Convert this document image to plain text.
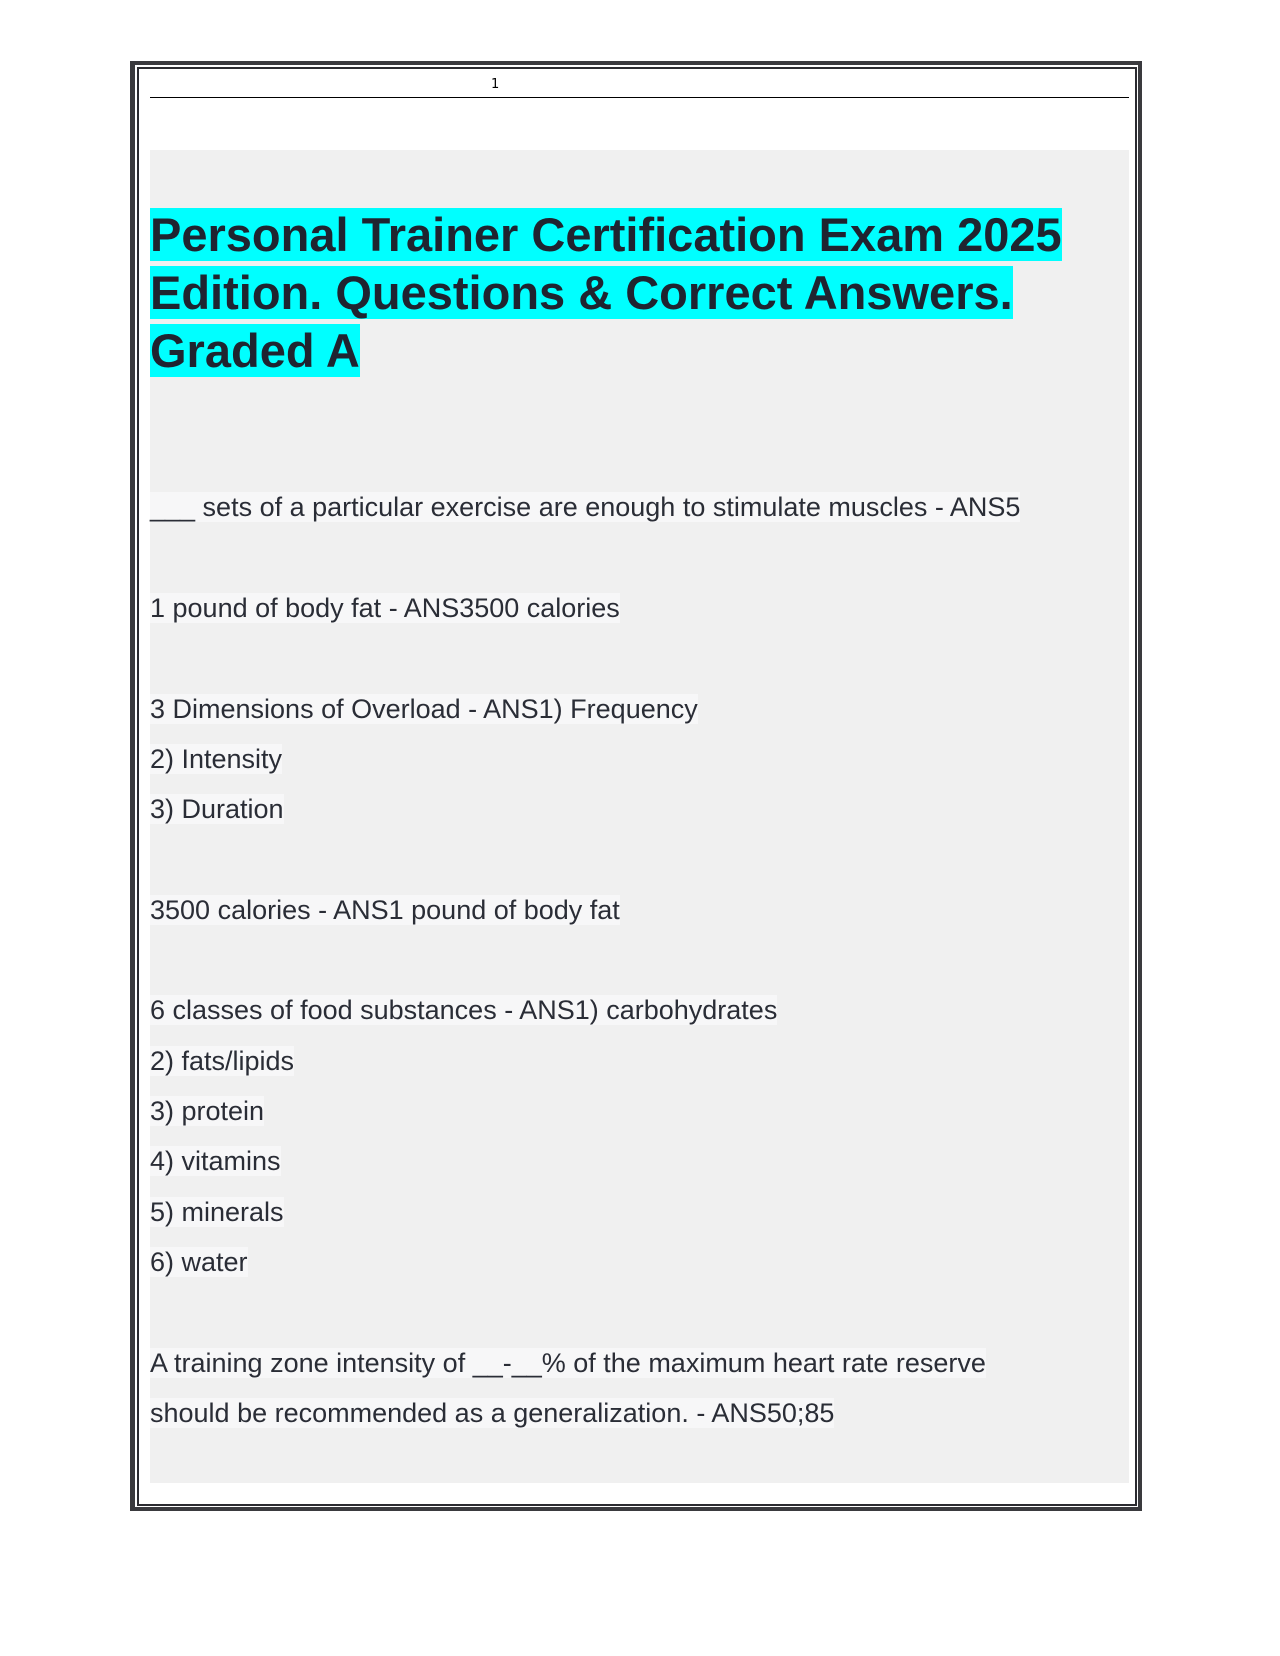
1
Personal Trainer Certification Exam 2025
Edition. Questions & Correct Answers.
Graded A
___ sets of a particular exercise are enough to stimulate muscles - ANS5
1 pound of body fat - ANS3500 calories
3 Dimensions of Overload - ANS1) Frequency
2) Intensity
3) Duration
3500 calories - ANS1 pound of body fat
6 classes of food substances - ANS1) carbohydrates
2) fats/lipids
3) protein
4) vitamins
5) minerals
6) water
A training zone intensity of __-__% of the maximum heart rate reserve
should be recommended as a generalization. - ANS50;85
